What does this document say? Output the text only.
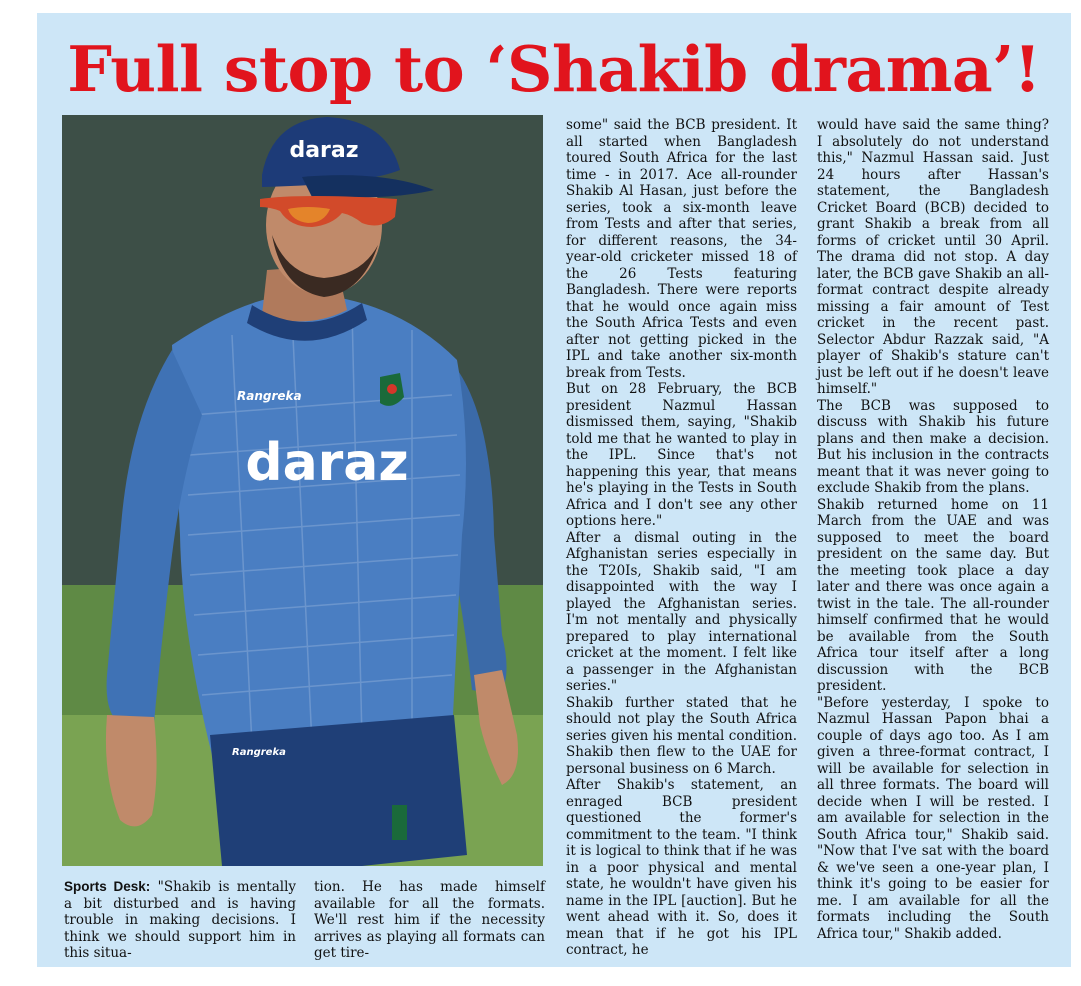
Full stop to ‘Shakib drama’!
daraz
daraz
Rangreka
Rangreka

Sports Desk: "Shakib is mentally a bit disturbed and is having trouble in making decisions. I think we should support him in this situa-

tion. He has made himself available for all the formats. We'll rest him if the necessity arrives as playing all formats can get tire-

some" said the BCB president. It all started when Bangladesh toured South Africa for the last time - in 2017. Ace all-rounder Shakib Al Hasan, just before the series, took a six-month leave from Tests and after that series, for different reasons, the 34-year-old cricketer missed 18 of the 26 Tests featuring Bangladesh. There were reports that he would once again miss the South Africa Tests and even after not getting picked in the IPL and take another six-month break from Tests.

But on 28 February, the BCB president Nazmul Hassan dismissed them, saying, "Shakib told me that he wanted to play in the IPL. Since that's not happening this year, that means he's playing in the Tests in South Africa and I don't see any other options here."

After a dismal outing in the Afghanistan series especially in the T20Is, Shakib said, "I am disappointed with the way I played the Afghanistan series. I'm not mentally and physically prepared to play international cricket at the moment. I felt like a passenger in the Afghanistan series."

Shakib further stated that he should not play the South Africa series given his mental condition. Shakib then flew to the UAE for personal business on 6 March.

After Shakib's statement, an enraged BCB president questioned the former's commitment to the team. "I think it is logical to think that if he was in a poor physical and mental state, he wouldn't have given his name in the IPL [auction]. But he went ahead with it. So, does it mean that if he got his IPL contract, he

would have said the same thing? I absolutely do not understand this," Nazmul Hassan said. Just 24 hours after Hassan's statement, the Bangladesh Cricket Board (BCB) decided to grant Shakib a break from all forms of cricket until 30 April. The drama did not stop. A day later, the BCB gave Shakib an all-format contract despite already missing a fair amount of Test cricket in the recent past. Selector Abdur Razzak said, "A player of Shakib's stature can't just be left out if he doesn't leave himself."

The BCB was supposed to discuss with Shakib his future plans and then make a decision. But his inclusion in the contracts meant that it was never going to exclude Shakib from the plans.

Shakib returned home on 11 March from the UAE and was supposed to meet the board president on the same day. But the meeting took place a day later and there was once again a twist in the tale. The all-rounder himself confirmed that he would be available from the South Africa tour itself after a long discussion with the BCB president.

"Before yesterday, I spoke to Nazmul Hassan Papon bhai a couple of days ago too. As I am given a three-format contract, I will be available for selection in all three formats. The board will decide when I will be rested. I am available for selection in the South Africa tour," Shakib said. "Now that I've sat with the board & we've seen a one-year plan, I think it's going to be easier for me. I am available for all the formats including the South Africa tour," Shakib added.
